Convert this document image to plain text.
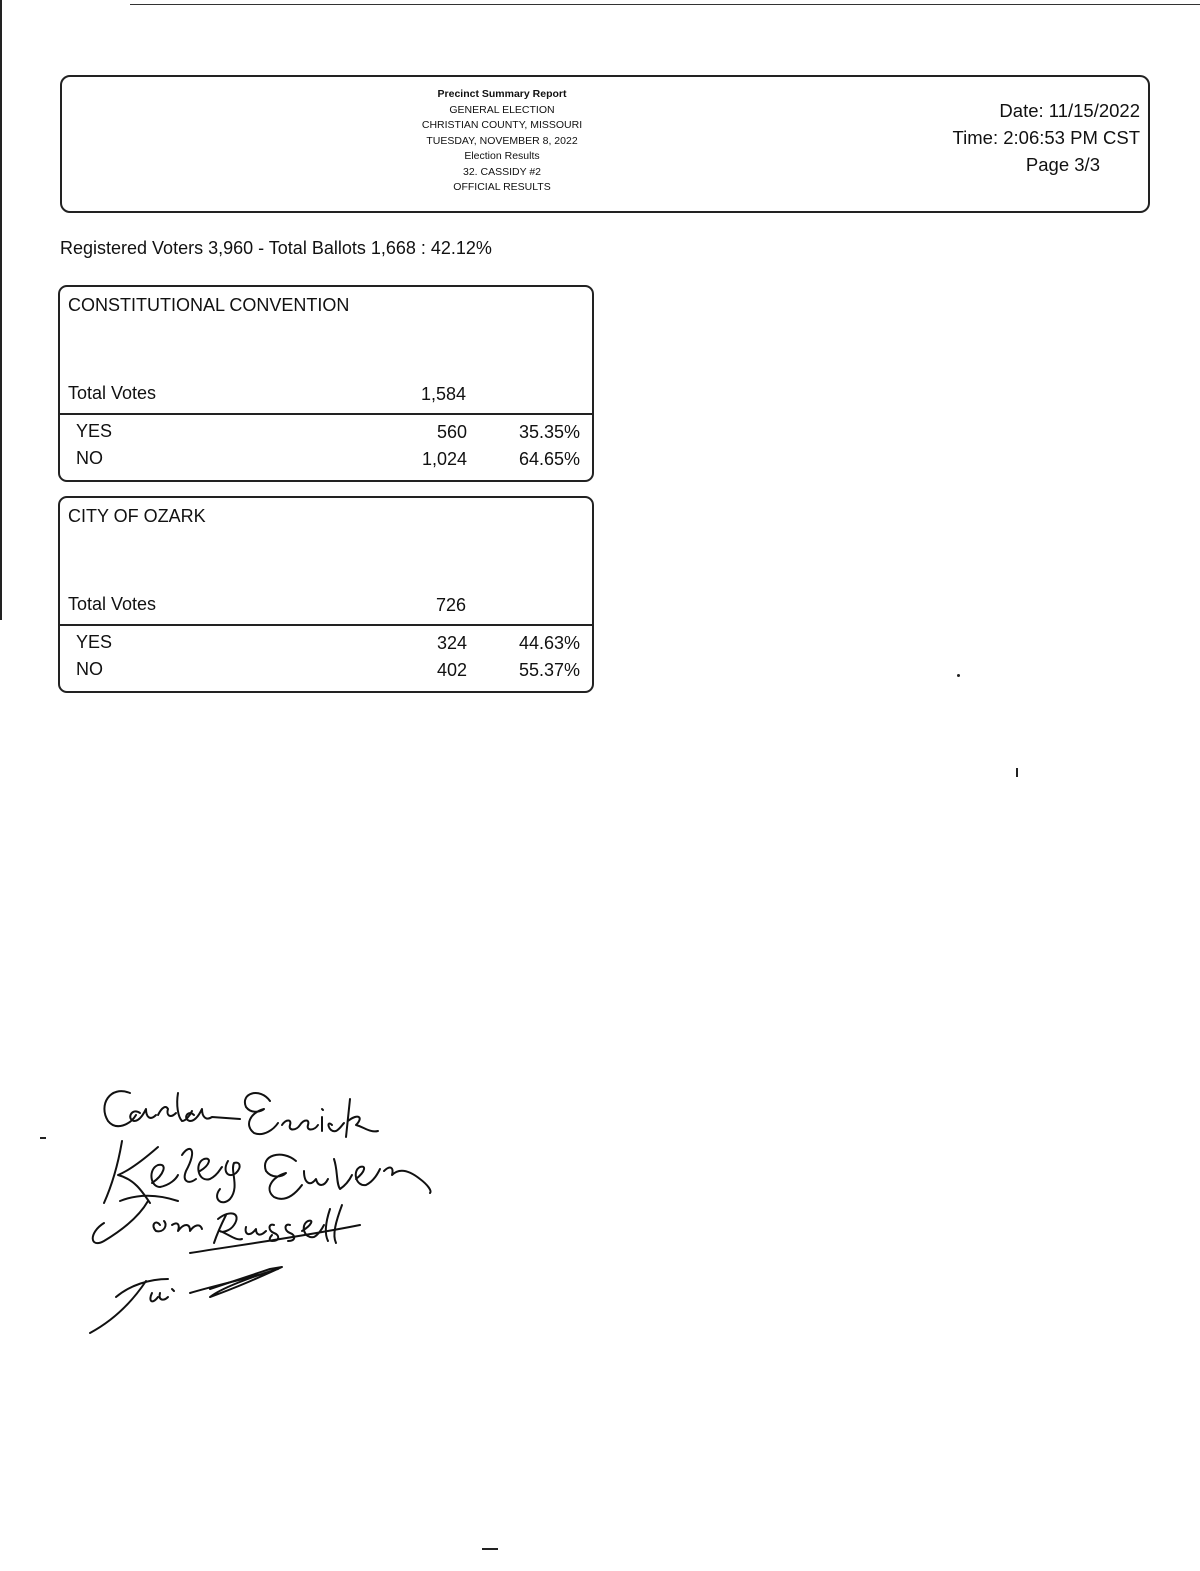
Precinct Summary Report
GENERAL ELECTION
CHRISTIAN COUNTY, MISSOURI
TUESDAY, NOVEMBER 8, 2022
Election Results
32. CASSIDY #2
OFFICIAL RESULTS
Date: 11/15/2022
Time: 2:06:53 PM CST
Page 3/3
Registered Voters 3,960 - Total Ballots 1,668 : 42.12%
CONSTITUTIONAL CONVENTION
Total Votes	1,584
YES	560	35.35%
NO	1,024	64.65%
CITY OF OZARK
Total Votes	726
YES	324	44.63%
NO	402	55.37%
